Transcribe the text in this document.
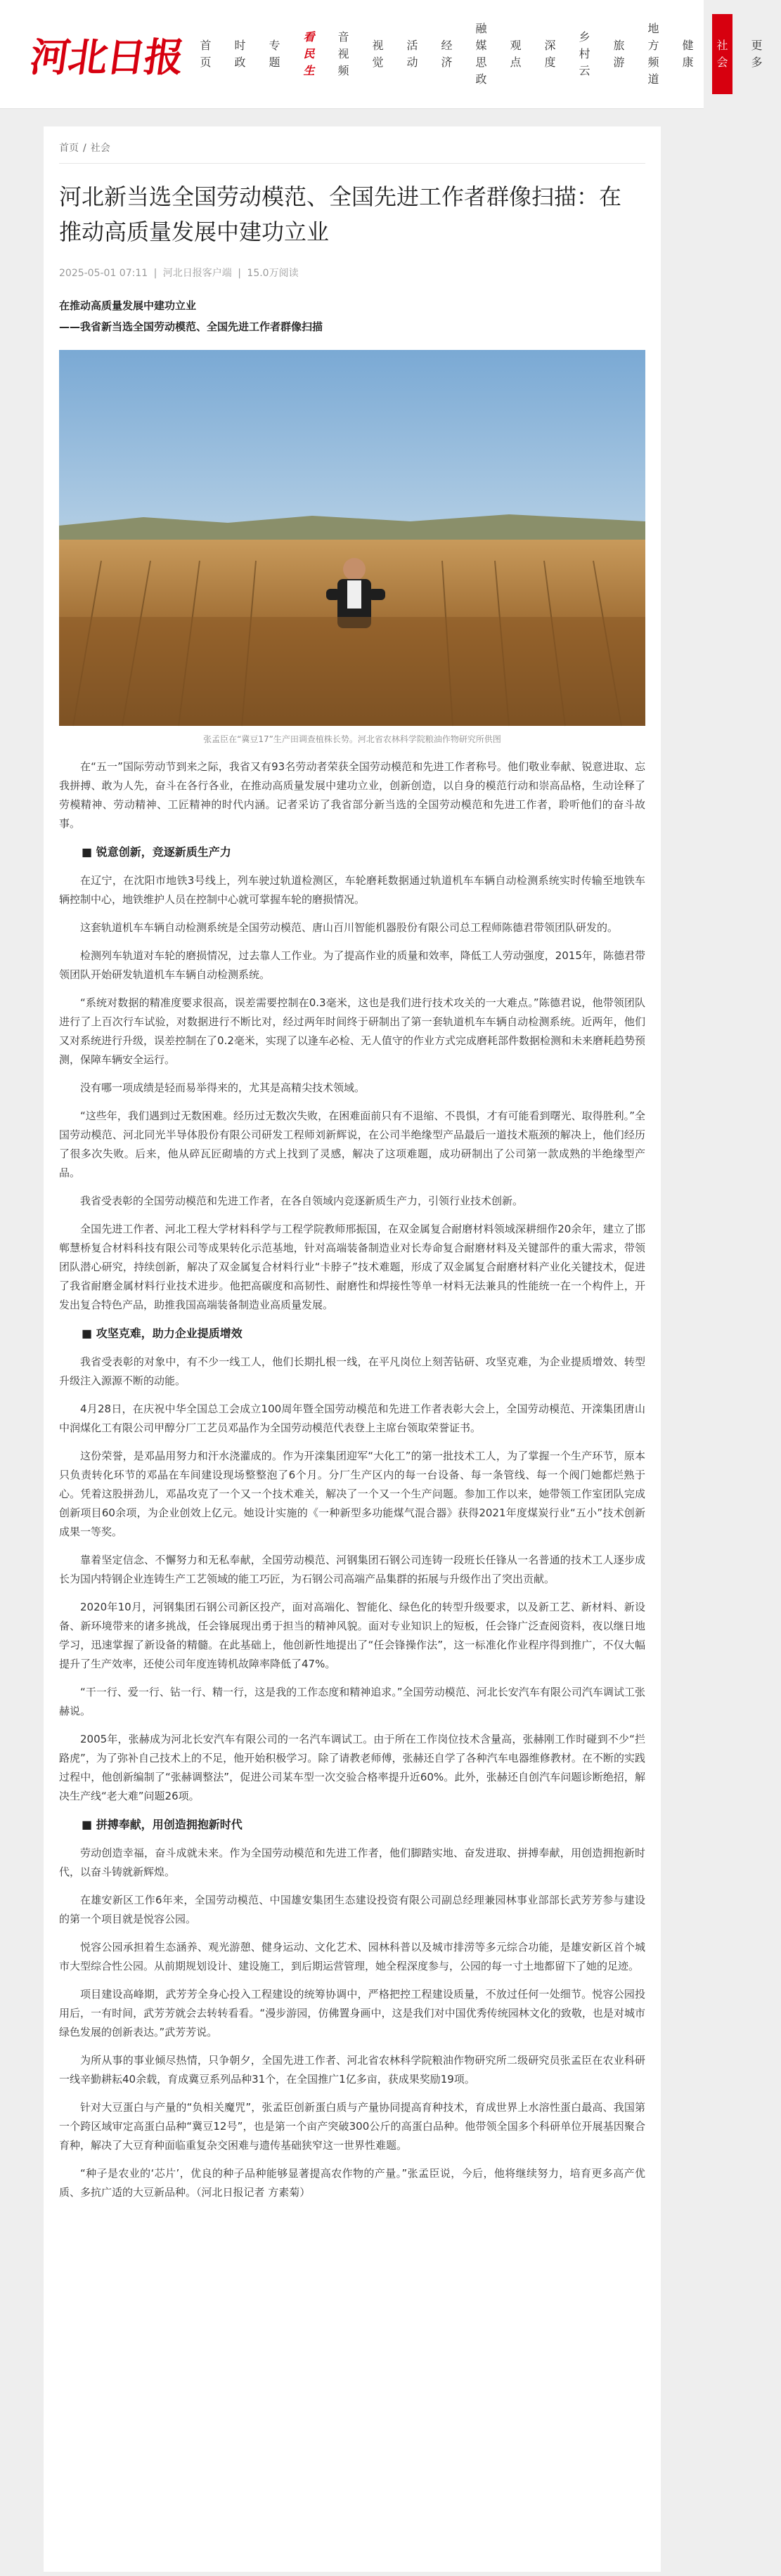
河北日报	首页
时政
专题
看民生
音视频
视觉
活动
经济
融媒思政
观点
深度
乡村云
旅游
地方频道
健康
社会
更多
首页 / 社会
河北新当选全国劳动模范、全国先进工作者群像扫描：在推动高质量发展中建功立业
2025-05-01 07:11 | 河北日报客户端 | 15.0万阅读
在推动高质量发展中建功立业
——我省新当选全国劳动模范、全国先进工作者群像扫描
张孟臣在“冀豆17”生产田调查植株长势。河北省农林科学院粮油作物研究所供图

在“五一”国际劳动节到来之际，我省又有93名劳动者荣获全国劳动模范和先进工作者称号。他们敬业奉献、锐意进取、忘我拼搏、敢为人先，奋斗在各行各业，在推动高质量发展中建功立业，创新创造，以自身的模范行动和崇高品格，生动诠释了劳模精神、劳动精神、工匠精神的时代内涵。记者采访了我省部分新当选的全国劳动模范和先进工作者，聆听他们的奋斗故事。

■ 锐意创新，竞逐新质生产力

在辽宁，在沈阳市地铁3号线上，列车驶过轨道检测区，车轮磨耗数据通过轨道机车车辆自动检测系统实时传输至地铁车辆控制中心，地铁维护人员在控制中心就可掌握车轮的磨损情况。

这套轨道机车车辆自动检测系统是全国劳动模范、唐山百川智能机器股份有限公司总工程师陈德君带领团队研发的。

检测列车轨道对车轮的磨损情况，过去靠人工作业。为了提高作业的质量和效率，降低工人劳动强度，2015年，陈德君带领团队开始研发轨道机车车辆自动检测系统。

“系统对数据的精准度要求很高，误差需要控制在0.3毫米，这也是我们进行技术攻关的一大难点。”陈德君说，他带领团队进行了上百次行车试验，对数据进行不断比对，经过两年时间终于研制出了第一套轨道机车车辆自动检测系统。近两年，他们又对系统进行升级，误差控制在了0.2毫米，实现了以逢车必检、无人值守的作业方式完成磨耗部件数据检测和未来磨耗趋势预测，保障车辆安全运行。

没有哪一项成绩是轻而易举得来的，尤其是高精尖技术领域。

“这些年，我们遇到过无数困难。经历过无数次失败，在困难面前只有不退缩、不畏惧，才有可能看到曙光、取得胜利。”全国劳动模范、河北同光半导体股份有限公司研发工程师刘新辉说，在公司半绝缘型产品最后一道技术瓶颈的解决上，他们经历了很多次失败。后来，他从碎瓦匠砌墙的方式上找到了灵感，解决了这项难题，成功研制出了公司第一款成熟的半绝缘型产品。

我省受表彰的全国劳动模范和先进工作者，在各自领域内竞逐新质生产力，引领行业技术创新。

全国先进工作者、河北工程大学材料科学与工程学院教师邢振国，在双金属复合耐磨材料领域深耕细作20余年，建立了邯郸慧桥复合材料科技有限公司等成果转化示范基地，针对高端装备制造业对长寿命复合耐磨材料及关键部件的重大需求，带领团队潜心研究，持续创新，解决了双金属复合材料行业“卡脖子”技术难题，形成了双金属复合耐磨材料产业化关键技术，促进了我省耐磨金属材料行业技术进步。他把高碳度和高韧性、耐磨性和焊接性等单一材料无法兼具的性能统一在一个构件上，开发出复合特色产品，助推我国高端装备制造业高质量发展。

■ 攻坚克难，助力企业提质增效

我省受表彰的对象中，有不少一线工人，他们长期扎根一线，在平凡岗位上刻苦钻研、攻坚克难，为企业提质增效、转型升级注入源源不断的动能。

4月28日，在庆祝中华全国总工会成立100周年暨全国劳动模范和先进工作者表彰大会上，全国劳动模范、开滦集团唐山中润煤化工有限公司甲醇分厂工艺员邓晶作为全国劳动模范代表登上主席台领取荣誉证书。

这份荣誉，是邓晶用努力和汗水浇灌成的。作为开滦集团迎军“大化工”的第一批技术工人，为了掌握一个生产环节，原本只负责转化环节的邓晶在车间建设现场整整泡了6个月。分厂生产区内的每一台设备、每一条管线、每一个阀门她都烂熟于心。凭着这股拼劲儿，邓晶攻克了一个又一个技术难关，解决了一个又一个生产问题。参加工作以来，她带领工作室团队完成创新项目60余项，为企业创效上亿元。她设计实施的《一种新型多功能煤气混合器》获得2021年度煤炭行业“五小”技术创新成果一等奖。

靠着坚定信念、不懈努力和无私奉献，全国劳动模范、河钢集团石钢公司连铸一段班长任锋从一名普通的技术工人逐步成长为国内特钢企业连铸生产工艺领域的能工巧匠，为石钢公司高端产品集群的拓展与升级作出了突出贡献。

2020年10月，河钢集团石钢公司新区投产，面对高端化、智能化、绿色化的转型升级要求，以及新工艺、新材料、新设备、新环境带来的诸多挑战，任会锋展现出勇于担当的精神风貌。面对专业知识上的短板，任会锋广泛查阅资料，夜以继日地学习，迅速掌握了新设备的精髓。在此基础上，他创新性地提出了“任会锋操作法”，这一标准化作业程序得到推广，不仅大幅提升了生产效率，还使公司年度连铸机故障率降低了47%。

“干一行、爱一行、钻一行、精一行，这是我的工作态度和精神追求。”全国劳动模范、河北长安汽车有限公司汽车调试工张赫说。

2005年，张赫成为河北长安汽车有限公司的一名汽车调试工。由于所在工作岗位技术含量高，张赫刚工作时碰到不少“拦路虎”，为了弥补自己技术上的不足，他开始积极学习。除了请教老师傅，张赫还自学了各种汽车电器维修教材。在不断的实践过程中，他创新编制了“张赫调整法”，促进公司某车型一次交验合格率提升近60%。此外，张赫还自创汽车问题诊断绝招，解决生产线“老大难”问题26项。

■ 拼搏奉献，用创造拥抱新时代

劳动创造幸福，奋斗成就未来。作为全国劳动模范和先进工作者，他们脚踏实地、奋发进取、拼搏奉献，用创造拥抱新时代，以奋斗铸就新辉煌。

在雄安新区工作6年来，全国劳动模范、中国雄安集团生态建设投资有限公司副总经理兼园林事业部部长武芳芳参与建设的第一个项目就是悦容公园。

悦容公园承担着生态涵养、观光游憩、健身运动、文化艺术、园林科普以及城市排涝等多元综合功能，是雄安新区首个城市大型综合性公园。从前期规划设计、建设施工，到后期运营管理，她全程深度参与，公园的每一寸土地都留下了她的足迹。

项目建设高峰期，武芳芳全身心投入工程建设的统筹协调中，严格把控工程建设质量，不放过任何一处细节。悦容公园投用后，一有时间，武芳芳就会去转转看看。“漫步游园，仿佛置身画中，这是我们对中国优秀传统园林文化的致敬，也是对城市绿色发展的创新表达。”武芳芳说。

为所从事的事业倾尽热情，只争朝夕，全国先进工作者、河北省农林科学院粮油作物研究所二级研究员张孟臣在农业科研一线辛勤耕耘40余载，育成冀豆系列品种31个，在全国推广1亿多亩，获成果奖励19项。

针对大豆蛋白与产量的“负相关魔咒”，张孟臣创新蛋白质与产量协同提高育种技术，育成世界上水溶性蛋白最高、我国第一个跨区域审定高蛋白品种“冀豆12号”，也是第一个亩产突破300公斤的高蛋白品种。他带领全国多个科研单位开展基因聚合育种，解决了大豆育种面临重复杂交困难与遗传基础狭窄这一世界性难题。

“种子是农业的‘芯片’，优良的种子品种能够显著提高农作物的产量。”张孟臣说，今后，他将继续努力，培育更多高产优质、多抗广适的大豆新品种。（河北日报记者 方素菊）
